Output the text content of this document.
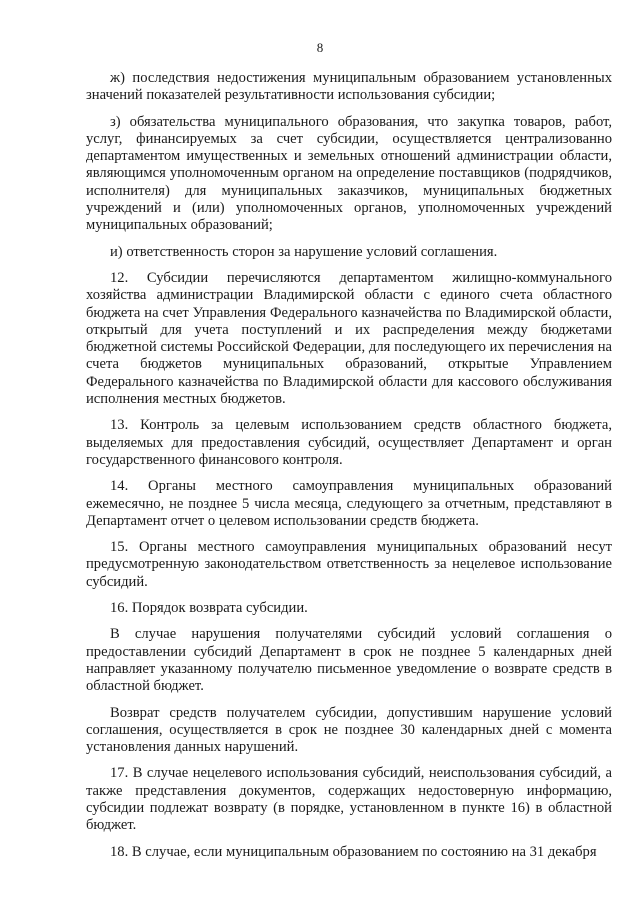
8

ж) последствия недостижения муниципальным образованием установленных значений показателей результативности использования субсидии;

з) обязательства муниципального образования, что закупка товаров, работ, услуг, финансируемых за счет субсидии, осуществляется централизованно департаментом имущественных и земельных отношений администрации области, являющимся уполномоченным органом на определение поставщиков (подрядчиков, исполнителя) для муниципальных заказчиков, муниципальных бюджетных учреждений и (или) уполномоченных органов, уполномоченных учреждений муниципальных образований;

и) ответственность сторон за нарушение условий соглашения.

12. Субсидии перечисляются департаментом жилищно-коммунального хозяйства администрации Владимирской области с единого счета областного бюджета на счет Управления Федерального казначейства по Владимирской области, открытый для учета поступлений и их распределения между бюджетами бюджетной системы Российской Федерации, для последующего их перечисления на счета бюджетов муниципальных образований, открытые Управлением Федерального казначейства по Владимирской области для кассового обслуживания исполнения местных бюджетов.

13. Контроль за целевым использованием средств областного бюджета, выделяемых для предоставления субсидий, осуществляет Департамент и орган государственного финансового контроля.

14. Органы местного самоуправления муниципальных образований ежемесячно, не позднее 5 числа месяца, следующего за отчетным, представляют в Департамент отчет о целевом использовании средств бюджета.

15. Органы местного самоуправления муниципальных образований несут предусмотренную законодательством ответственность за нецелевое использование субсидий.

16. Порядок возврата субсидии.

В случае нарушения получателями субсидий условий соглашения о предоставлении субсидий Департамент в срок не позднее 5 календарных дней направляет указанному получателю письменное уведомление о возврате средств в областной бюджет.

Возврат средств получателем субсидии, допустившим нарушение условий соглашения, осуществляется в срок не позднее 30 календарных дней с момента установления данных нарушений.

17. В случае нецелевого использования субсидий, неиспользования субсидий, а также представления документов, содержащих недостоверную информацию, субсидии подлежат возврату (в порядке, установленном в пункте 16) в областной бюджет.

18. В случае, если муниципальным образованием по состоянию на 31 декабря
